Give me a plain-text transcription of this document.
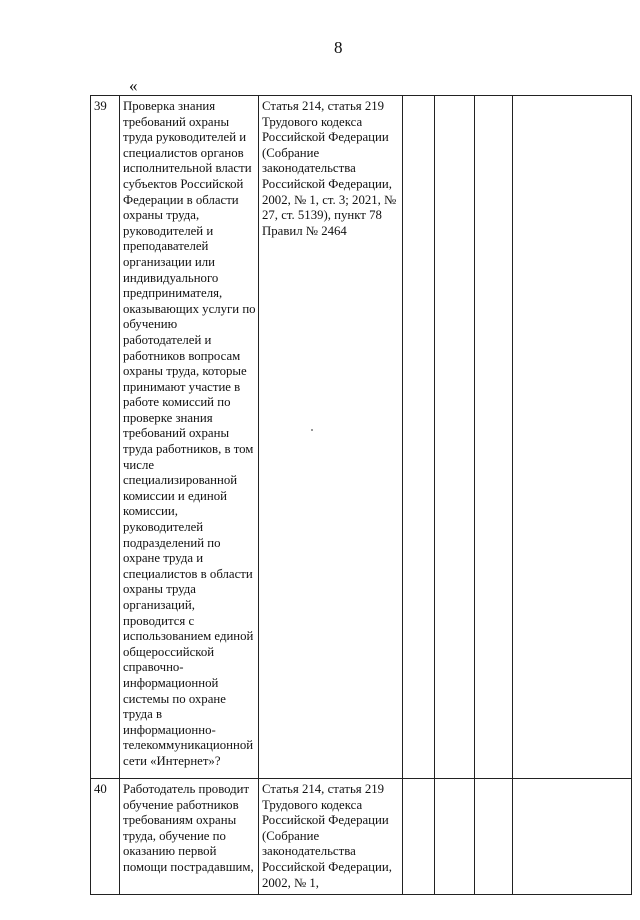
8
«
39	Проверка знания требований охраны труда руководителей и специалистов органов исполнительной власти субъектов Российской Федерации в области охраны труда, руководителей и преподавателей организации или индивидуального предпринимателя, оказывающих услуги по обучению работодателей и работников вопросам охраны труда, которые принимают участие в работе комиссий по проверке знания требований охраны труда работников, в том числе специализированной комиссии и единой комиссии, руководителей подразделений по охране труда и специалистов в области охраны труда организаций, проводится с использованием единой общероссийской справочно-информационной системы по охране труда в информационно-телекоммуникационной сети «Интернет»?	Статья 214, статья 219 Трудового кодекса Российской Федерации (Собрание законодательства Российской Федерации, 2002, № 1, ст. 3; 2021, № 27, ст. 5139), пункт 78 Правил № 2464				
40	Работодатель проводит обучение работников требованиям охраны труда, обучение по оказанию первой помощи пострадавшим,	Статья 214, статья 219 Трудового кодекса Российской Федерации (Собрание законодательства Российской Федерации, 2002, № 1,				
